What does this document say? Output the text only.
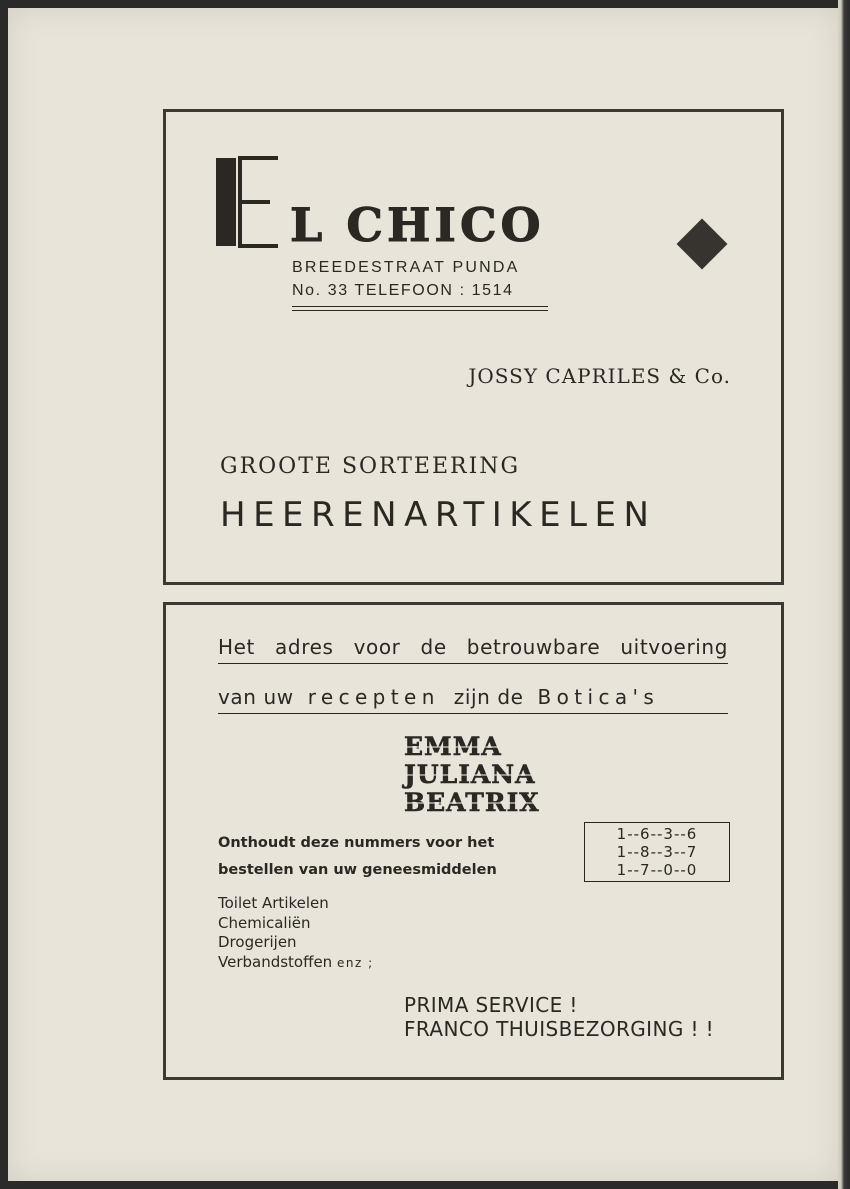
L CHICO
BREEDESTRAAT PUNDA
No. 33 TELEFOON : 1514
JOSSY CAPRILES & Co.
GROOTE SORTEERING
HEERENARTIKELEN
Het adres voor de betrouwbare uitvoering
van uw recepten zijn de Botica's
EMMA
JULIANA
BEATRIX
Onthoudt deze nummers voor het
bestellen van uw geneesmiddelen
1--6--3--6
1--8--3--7
1--7--0--0
Toilet Artikelen
Chemicaliën
Drogerijen
Verbandstoffen enz ;
PRIMA SERVICE !
FRANCO THUISBEZORGING ! !
